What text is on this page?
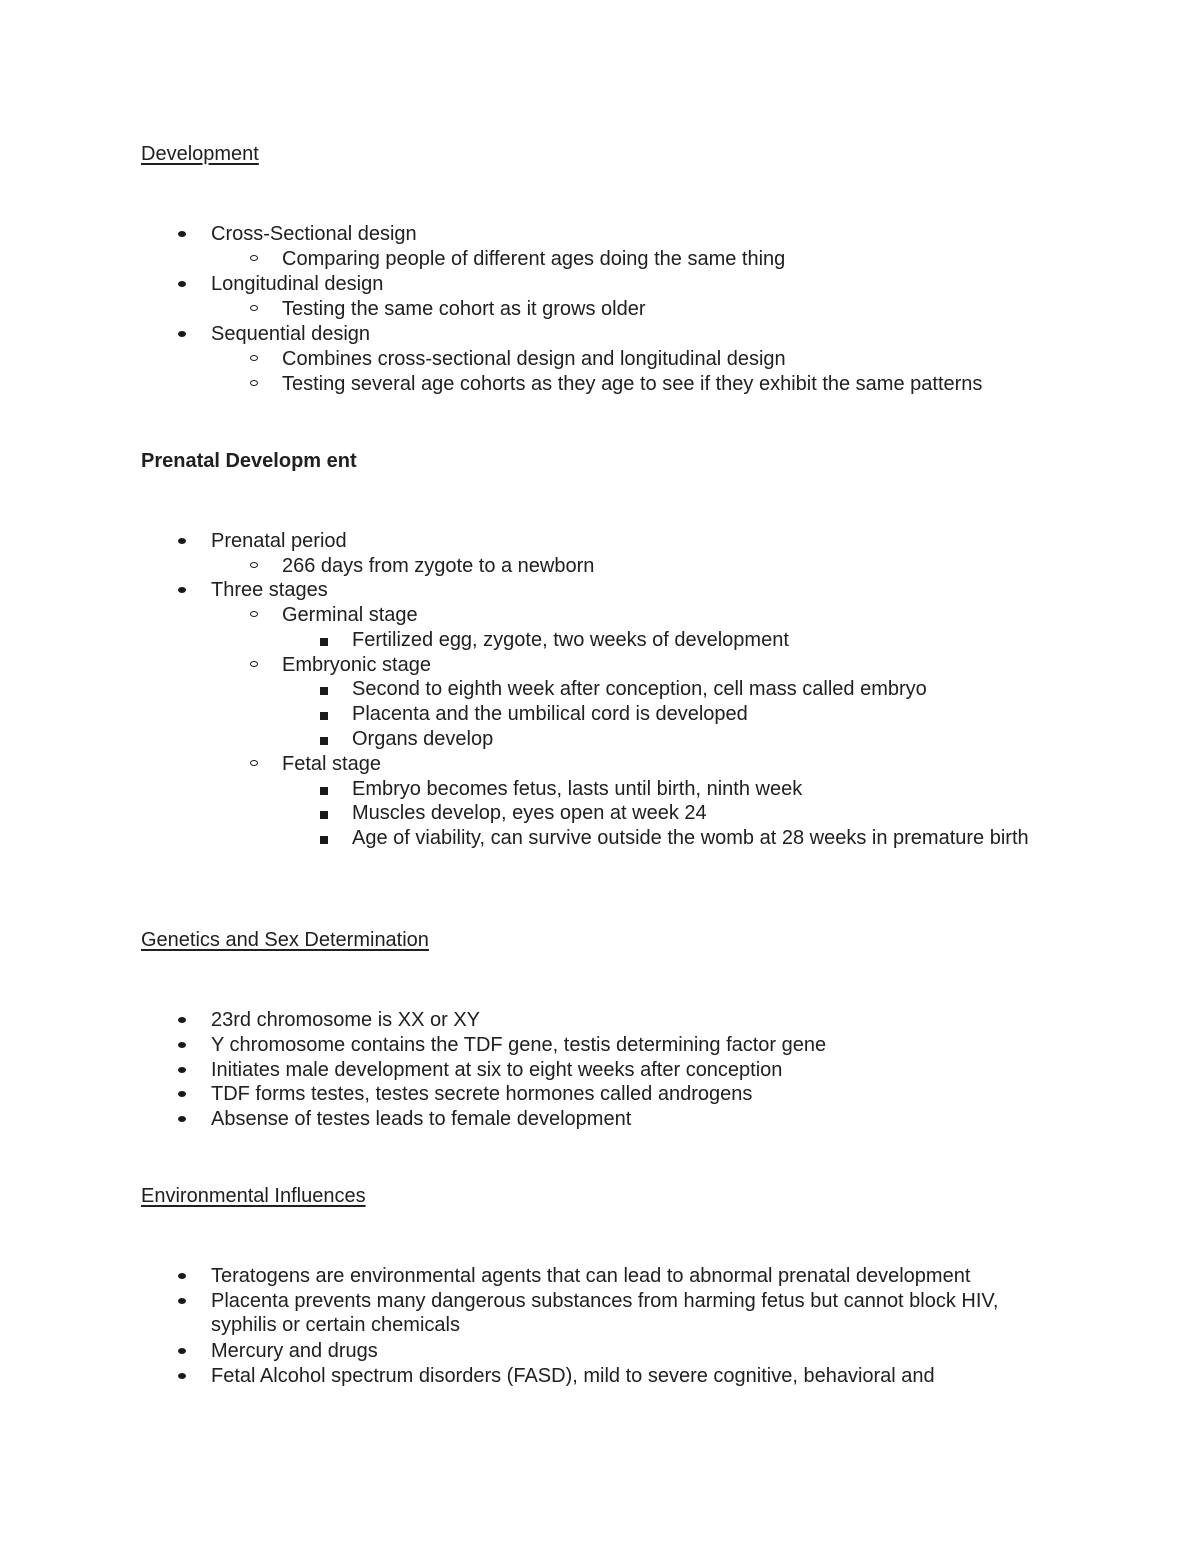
Development
Cross-Sectional design
Comparing people of different ages doing the same thing
Longitudinal design
Testing the same cohort as it grows older
Sequential design
Combines cross-sectional design and longitudinal design
Testing several age cohorts as they age to see if they exhibit the same patterns
Prenatal Developm ent
Prenatal period
266 days from zygote to a newborn
Three stages
Germinal stage
Fertilized egg, zygote, two weeks of development
Embryonic stage
Second to eighth week after conception, cell mass called embryo
Placenta and the umbilical cord is developed
Organs develop
Fetal stage
Embryo becomes fetus, lasts until birth, ninth week
Muscles develop, eyes open at week 24
Age of viability, can survive outside the womb at 28 weeks in premature birth
Genetics and Sex Determination
23rd chromosome is XX or XY
Y chromosome contains the TDF gene, testis determining factor gene
Initiates male development at six to eight weeks after conception
TDF forms testes, testes secrete hormones called androgens
Absense of testes leads to female development
Environmental Influences
Teratogens are environmental agents that can lead to abnormal prenatal development
Placenta prevents many dangerous substances from harming fetus but cannot block HIV, syphilis or certain chemicals
Mercury and drugs
Fetal Alcohol spectrum disorders (FASD), mild to severe cognitive, behavioral and
